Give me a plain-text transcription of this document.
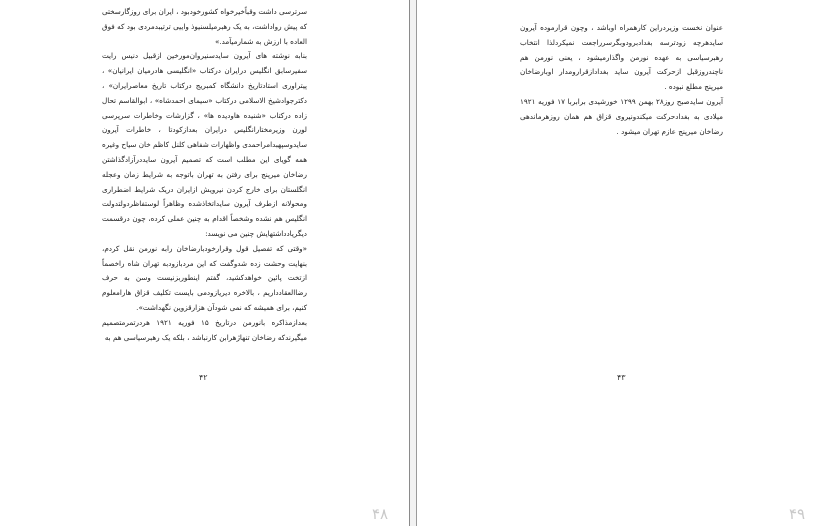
سرترسی داشت وقباًخیرخواه کشورخودبود ، ایران برای روزگارسختی که پیش رواداشت، به یک رهبرمیلسنیوذ واییی ترتیبدمردی بود که فوق العاده با ارزش به شمارمیآمد.»

بنابه نوشته های آیرون سایدسنیروان‌مورخین ازقبیل دنیس رایت سفیرسابق انگلیس درایران درکتاب «انگلیسی هادرمیان ایرانیان» ، پیتراوری استادتاریخ دانشگاه کمبریج درکتاب تاریخ معاصرایران» ، دکترجوادشیخ الاسلامی درکتاب «سیمای احمدشاه» ، ابوالقاسم تحال زاده درکتاب «شنیده هاودیده ها» ، گزارشات وخاطرات سرپرسی لورن وزیرمختارانگلیس درایران بعدازکودتا ، خاطرات آیرون سایدوسپهبدامراحمدی واظهارات شفاهی کلنل کاظم خان سیاح وغیره همه گویای این مطلب است که تصمیم آیرون سایددرآزادگذاشتن رضاخان میرپنج برای رفتن به تهران باتوجه به شرایط زمان وعجله انگلستان برای خارج کردن نیرویش ازایران دریک شرایط اضطراری ومحولانه ازطرف آیرون سایداتخاذشده وظاهراً لوستفاظردولتدولت انگلیس هم نشده وشخصاً اقدام به چنین عملی کرده، چون درقسمت دیگریادداشتهایش چنین می نویسد:

«وقتی که تفصیل قول وقرارخودبارضاخان رابه نورمن نقل کردم، بنهایت وحشت زده شدوگفت که این مردبازودبه تهران شاه راخصماً ازتخت پائین خواهدکشید، گفتم اینطوربزنیست وسن به حرف رضاالعقادداریم ، بالاخره دیریازودمی بایست تکلیف قزاق هارامعلوم کنیم، برای همیشه که نمی شودآن هزارقزوین نگهداشت».

بعدازمذاکره بانورمن درتاریخ ۱۵ فوریه ۱۹۲۱ هردرتمرمتصمیم میگیرندکه رضاخان تنهاژهرابن کارنباشد ، بلکه یک رهبرسیاسی هم به

۴۲
۴۸

عنوان نخست وزیردراین کارهمراه اوباشد ، وچون قرارموده آیرون سایدهرچه زودترسه بغدادبرودوبگرسرراجعت نمیکردلذا انتخاب رهبرسیاسی به عهده نورمن واگذارمیشود ، یعنی نورمن هم ناچندروزقبل ازحرکت آیرون ساید بغدادازقرارومدار اوبارضاخان میرپنج مطلع نبوده .

آیرون سایدصبح روز۲۸ بهمن ۱۲۹۹ خورشیدی برابربا ۱۷ فوریه ۱۹۲۱ میلادی به بغدادحرکت میکندونیروی قزاق هم همان روزهرماندهی رضاخان میرپنج عازم تهران میشود .

۴۳
۴۹
